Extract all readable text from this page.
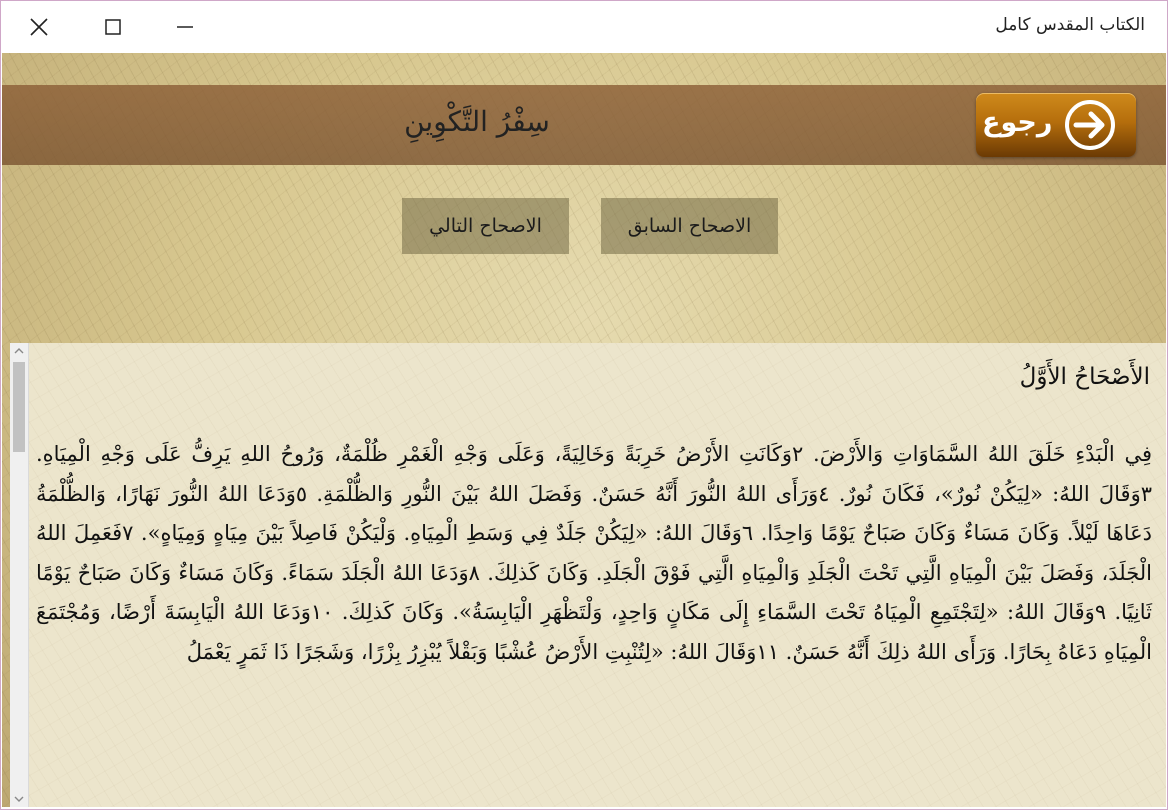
الكتاب المقدس كامل
سِفْرُ التَّكْوِينِ	رجوع
الاصحاح السابق
الاصحاح التالي
الأَصْحَاحُ الأَوَّلُ
فِي الْبَدْءِ خَلَقَ اللهُ السَّمَاوَاتِ وَالأَرْضَ. ٢وَكَانَتِ الأَرْضُ خَرِبَةً وَخَالِيَةً، وَعَلَى وَجْهِ الْغَمْرِ ظُلْمَةٌ، وَرُوحُ اللهِ يَرِفُّ عَلَى وَجْهِ الْمِيَاهِ. ٣وَقَالَ اللهُ: «لِيَكُنْ نُورٌ»، فَكَانَ نُورٌ. ٤وَرَأَى اللهُ النُّورَ أَنَّهُ حَسَنٌ. وَفَصَلَ اللهُ بَيْنَ النُّورِ وَالظُّلْمَةِ. ٥وَدَعَا اللهُ النُّورَ نَهَارًا، وَالظُّلْمَةُ دَعَاهَا لَيْلاً. وَكَانَ مَسَاءٌ وَكَانَ صَبَاحٌ يَوْمًا وَاحِدًا. ٦وَقَالَ اللهُ: «لِيَكُنْ جَلَدٌ فِي وَسَطِ الْمِيَاهِ. وَلْيَكُنْ فَاصِلاً بَيْنَ مِيَاهٍ وَمِيَاهٍ». ٧فَعَمِلَ اللهُ الْجَلَدَ، وَفَصَلَ بَيْنَ الْمِيَاهِ الَّتِي تَحْتَ الْجَلَدِ وَالْمِيَاهِ الَّتِي فَوْقَ الْجَلَدِ. وَكَانَ كَذلِكَ. ٨وَدَعَا اللهُ الْجَلَدَ سَمَاءً. وَكَانَ مَسَاءٌ وَكَانَ صَبَاحٌ يَوْمًا ثَانِيًا. ٩وَقَالَ اللهُ: «لِتَجْتَمِعِ الْمِيَاهُ تَحْتَ السَّمَاءِ إِلَى مَكَانٍ وَاحِدٍ، وَلْتَظْهَرِ الْيَابِسَةُ». وَكَانَ كَذلِكَ. ١٠وَدَعَا اللهُ الْيَابِسَةَ أَرْضًا، وَمُجْتَمَعَ الْمِيَاهِ دَعَاهُ بِحَارًا. وَرَأَى اللهُ ذلِكَ أَنَّهُ حَسَنٌ. ١١وَقَالَ اللهُ: «لِتُنْبِتِ الأَرْضُ عُشْبًا وَبَقْلاً يُبْزِرُ بِزْرًا، وَشَجَرًا ذَا ثَمَرٍ يَعْمَلُ
